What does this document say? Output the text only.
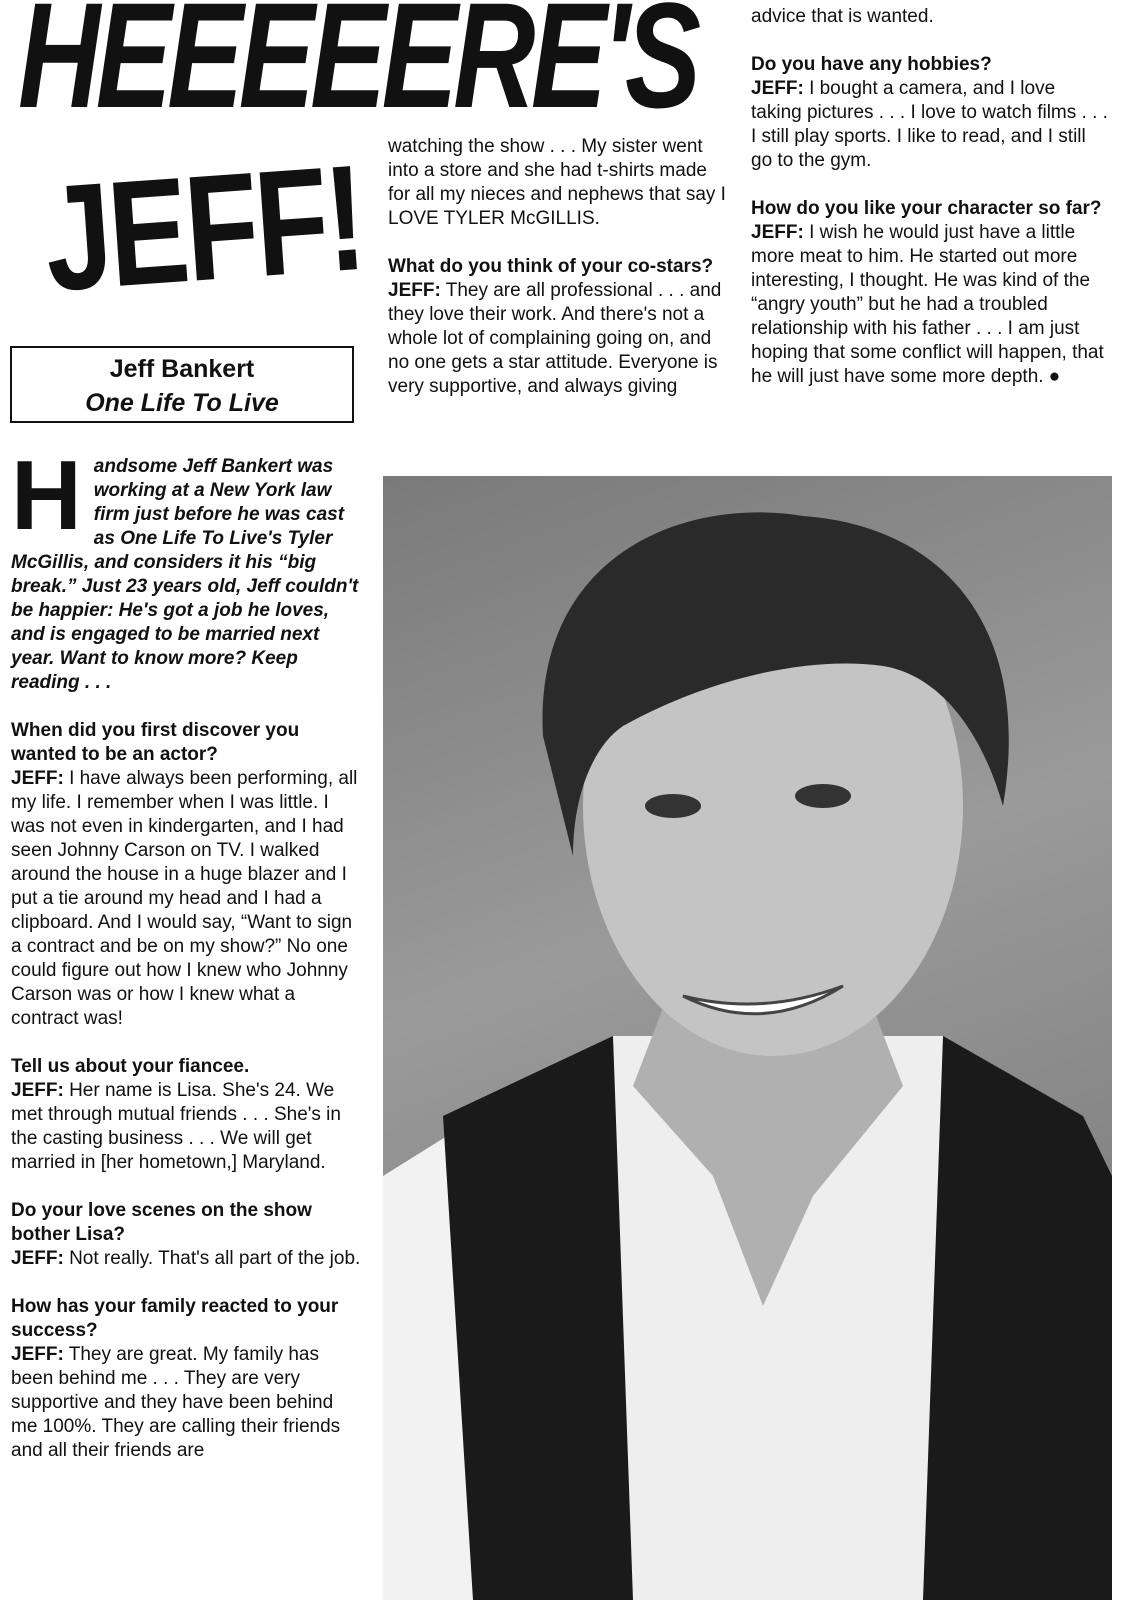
HEEEEERE'S
JEFF!
Jeff Bankert
One Life To Live

Handsome Jeff Bankert was working at a New York law firm just before he was cast as One Life To Live's Tyler McGillis, and considers it his “big break.” Just 23 years old, Jeff couldn't be happier: He's got a job he loves, and is engaged to be married next year. Want to know more? Keep reading . . .

When did you first discover you wanted to be an actor?
JEFF: I have always been performing, all my life. I remember when I was little. I was not even in kindergarten, and I had seen Johnny Carson on TV. I walked around the house in a huge blazer and I put a tie around my head and I had a clipboard. And I would say, “Want to sign a contract and be on my show?” No one could figure out how I knew who Johnny Carson was or how I knew what a contract was!

Tell us about your fiancee.
JEFF: Her name is Lisa. She's 24. We met through mutual friends . . . She's in the casting business . . . We will get married in [her hometown,] Maryland.

Do your love scenes on the show bother Lisa?
JEFF: Not really. That's all part of the job.

How has your family reacted to your success?
JEFF: They are great. My family has been behind me . . . They are very supportive and they have been behind me 100%. They are calling their friends and all their friends are

watching the show . . . My sister went into a store and she had t-shirts made for all my nieces and nephews that say I LOVE TYLER McGILLIS.

What do you think of your co-stars?
JEFF: They are all professional . . . and they love their work. And there's not a whole lot of complaining going on, and no one gets a star attitude. Everyone is very supportive, and always giving

advice that is wanted.

Do you have any hobbies?
JEFF: I bought a camera, and I love taking pictures . . . I love to watch films . . . I still play sports. I like to read, and I still go to the gym.

How do you like your character so far?
JEFF: I wish he would just have a little more meat to him. He started out more interesting, I thought. He was kind of the “angry youth” but he had a troubled relationship with his father . . . I am just hoping that some conflict will happen, that he will just have some more depth. ●
